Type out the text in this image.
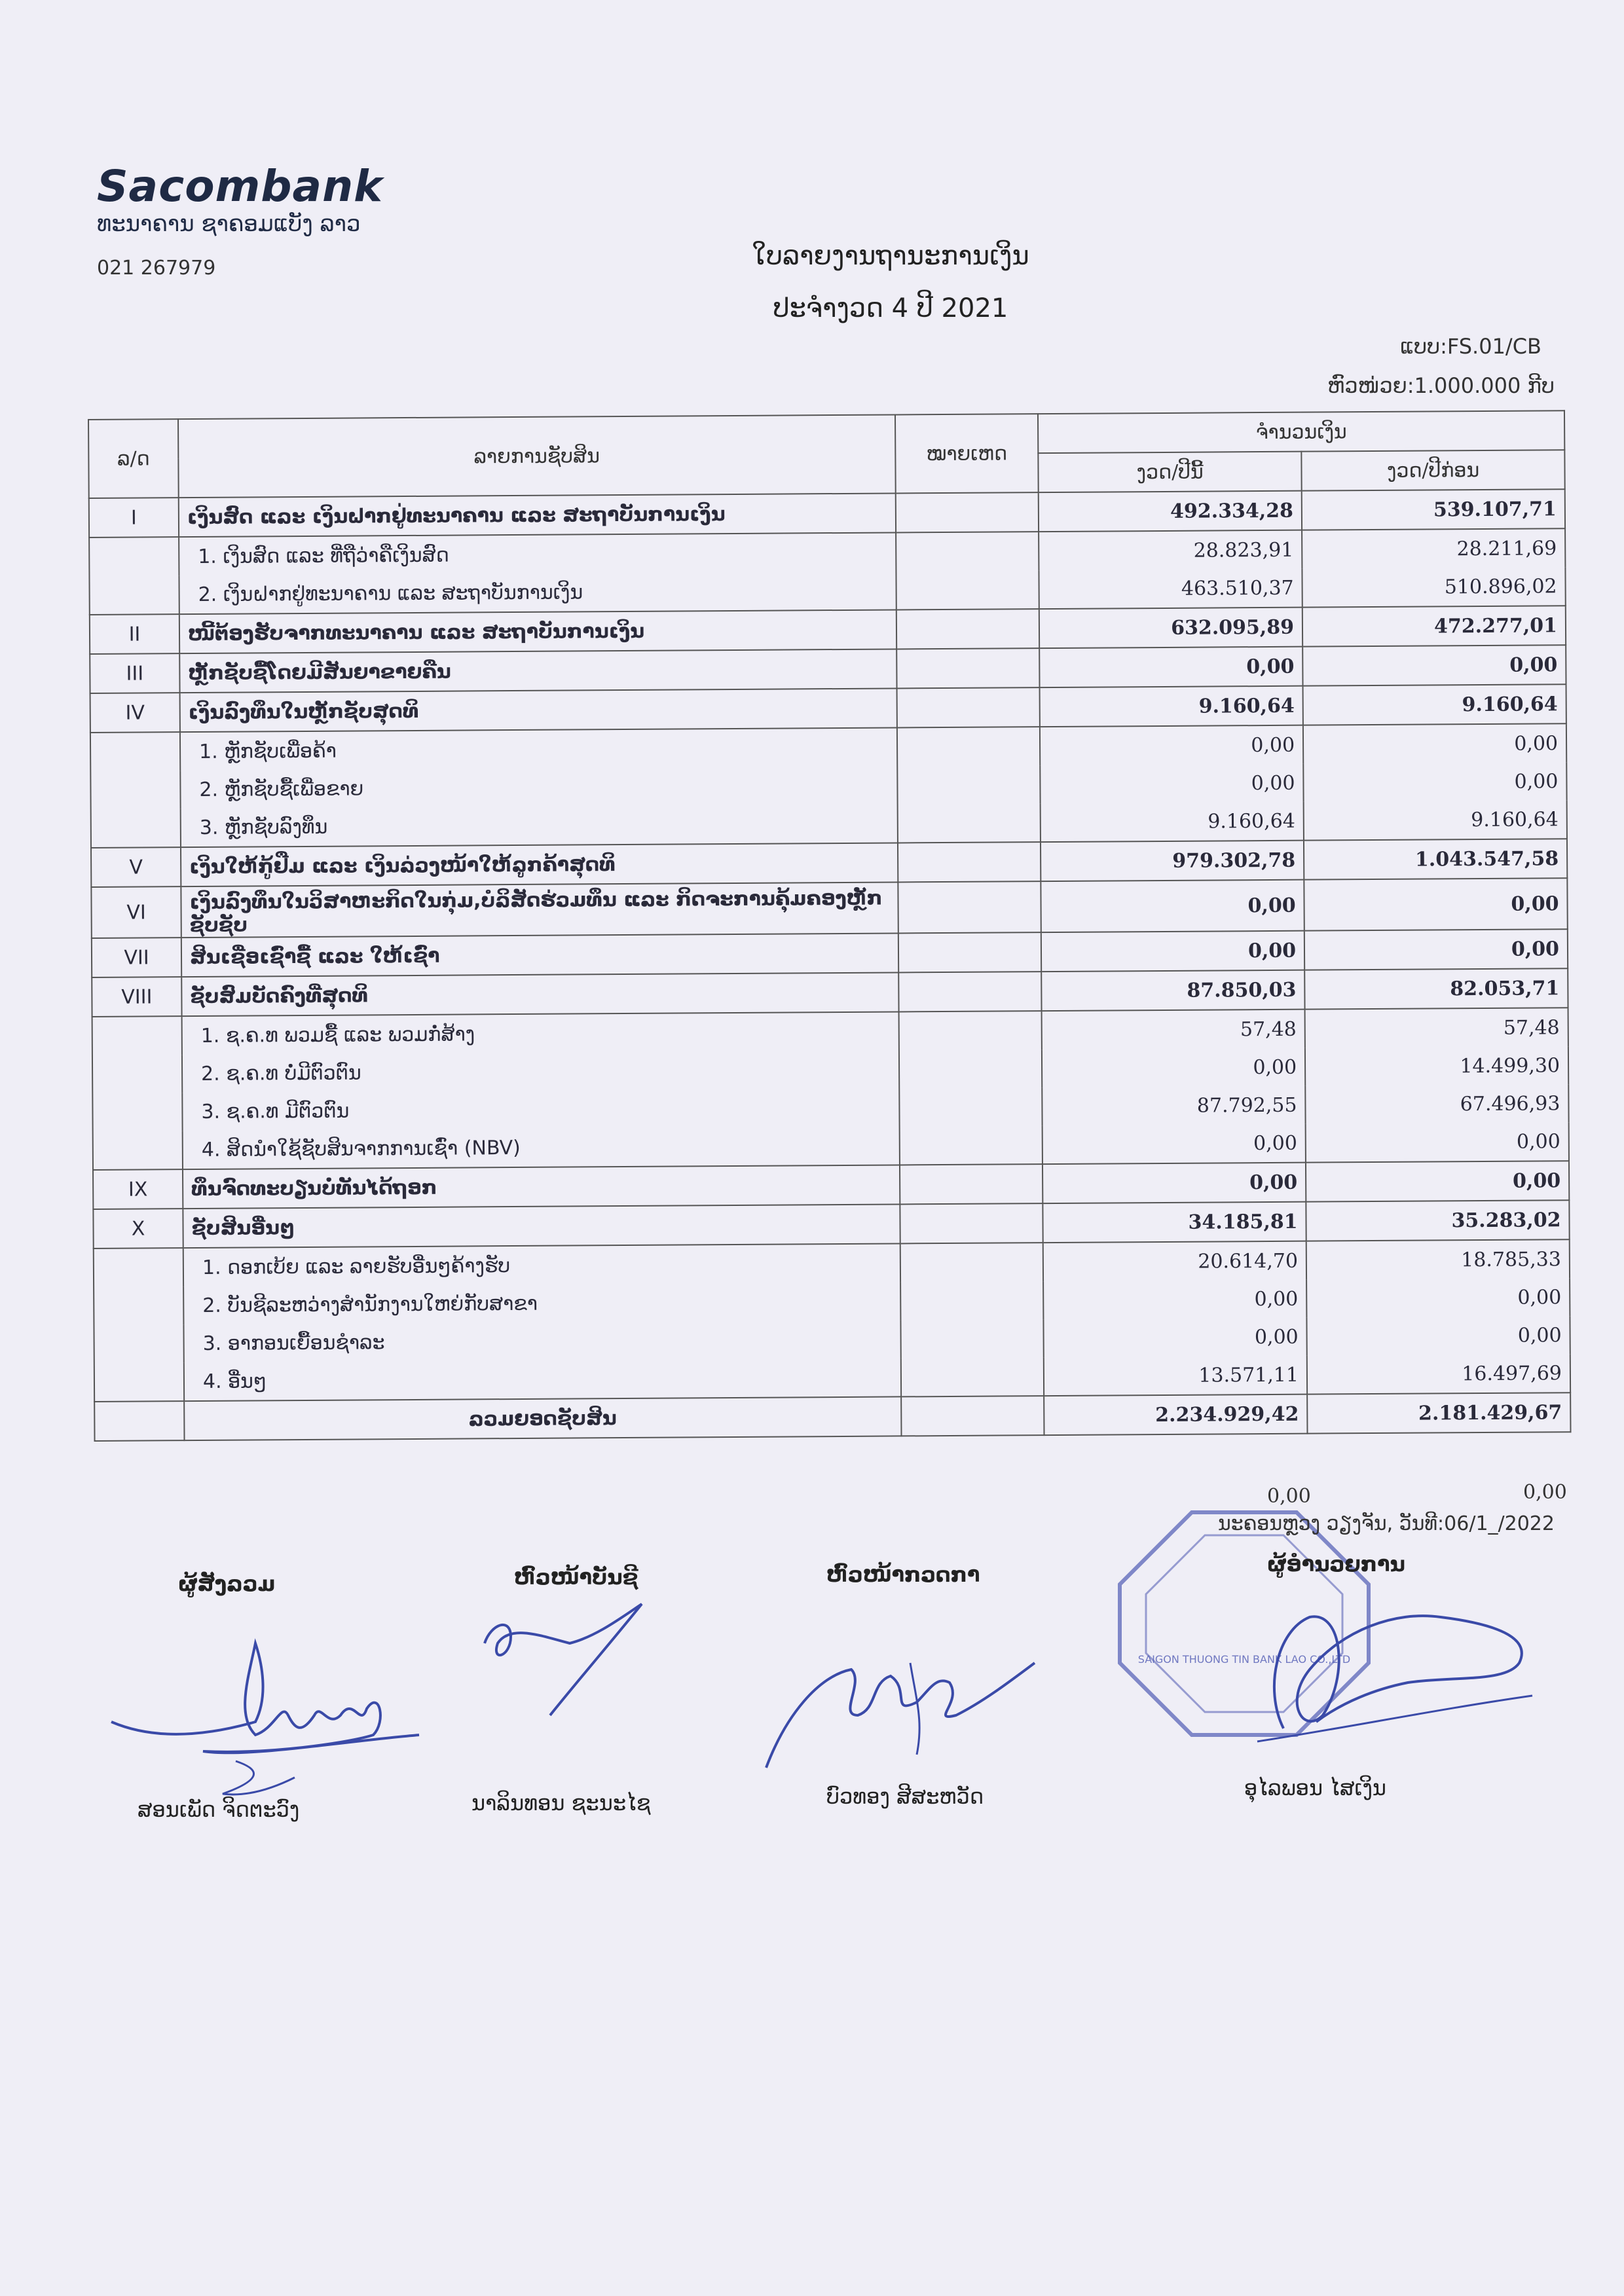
Sacombank
ທະນາຄານ ຊາຄອມແບັງ ລາວ
021 267979	ໃບລາຍງານຖານະການເງິນ
ປະຈຳງວດ 4 ປີ 2021
ແບບ:FS.01/CB
ຫົວໜ່ວຍ:1.000.000 ກີບ
ລ/ດ	ລາຍການຊັບສິນ	ໝາຍເຫດ	ຈຳນວນເງິນ	
			ງວດ/ປີນີ້	ງວດ/ປີກ່ອນ
I	ເງິນສົດ ແລະ ເງິນຝາກຢູ່ທະນາຄານ ແລະ ສະຖາບັນການເງິນ		492.334,28	539.107,71
	1. ເງິນສົດ ແລະ ທີ່ຖືວ່າຄືເງິນສົດ		28.823,91	28.211,69
	2. ເງິນຝາກຢູ່ທະນາຄານ ແລະ ສະຖາບັນການເງິນ		463.510,37	510.896,02
II	ໜີ້ຕ້ອງຮັບຈາກທະນາຄານ ແລະ ສະຖາບັນການເງິນ		632.095,89	472.277,01
III	ຫຼັກຊັບຊື້ໂດຍມີສັນຍາຂາຍຄືນ		0,00	0,00
IV	ເງິນລົງທຶນໃນຫຼັກຊັບສຸດທິ		9.160,64	9.160,64
	1. ຫຼັກຊັບເພື່ອຄ້າ		0,00	0,00
	2. ຫຼັກຊັບຊື້ເພື່ອຂາຍ		0,00	0,00
	3. ຫຼັກຊັບລົງທຶນ		9.160,64	9.160,64
V	ເງິນໃຫ້ກູ້ຢືມ ແລະ ເງິນລ່ວງໜ້າໃຫ້ລູກຄ້າສຸດທິ		979.302,78	1.043.547,58
VI	ເງິນລົງທຶນໃນວິສາຫະກິດໃນກຸ່ມ,ບໍລິສັດຮ່ວມທຶນ ແລະ ກິດຈະການຄຸ້ມຄອງຫຼັກຊັບຊັບ		0,00	0,00
VII	ສິນເຊື່ອເຊົ່າຊື້ ແລະ ໃຫ້ເຊົ່າ		0,00	0,00
VIII	ຊັບສົມບັດຄົງທີ່ສຸດທິ		87.850,03	82.053,71
	1. ຊ.ຄ.ທ ພວມຊື້ ແລະ ພວມກໍ່ສ້າງ		57,48	57,48
	2. ຊ.ຄ.ທ ບໍ່ມີຕົວຕົນ		0,00	14.499,30
	3. ຊ.ຄ.ທ ມີຕົວຕົນ		87.792,55	67.496,93
	4. ສິດນຳໃຊ້ຊັບສິນຈາກການເຊົ່າ (NBV)		0,00	0,00
IX	ທຶນຈົດທະບຽນບໍ່ທັນໄດ້ຖອກ		0,00	0,00
X	ຊັບສິນອື່ນໆ		34.185,81	35.283,02
	1. ດອກເບ້ຍ ແລະ ລາຍຮັບອື່ນໆຄ້າງຮັບ		20.614,70	18.785,33
	2. ບັນຊີລະຫວ່າງສຳນັກງານໃຫຍ່ກັບສາຂາ		0,00	0,00
	3. ອາກອນເຍື້ອນຊຳລະ		0,00	0,00
	4. ອື່ນໆ		13.571,11	16.497,69
	ລວມຍອດຊັບສິນ		2.234.929,42	2.181.429,67
0,00	0,00
SAIGON THUONG TIN BANK LAO CO.,LTD
ນະຄອນຫຼວງ ວຽງຈັນ, ວັນທີ:06/1_/2022
ຜູ້ສັງລວມ	ຫົວໜ້າບັນຊີ	ຫົວໜ້າກວດກາ	ຜູ້ອຳນວຍການ
ສອນເພັດ ຈິດຕະວົງ	ນາລິນທອນ ຊະນະໄຊ	ບົວທອງ ສີສະຫວັດ	ອຸໄລພອນ ໄສເງິນ
